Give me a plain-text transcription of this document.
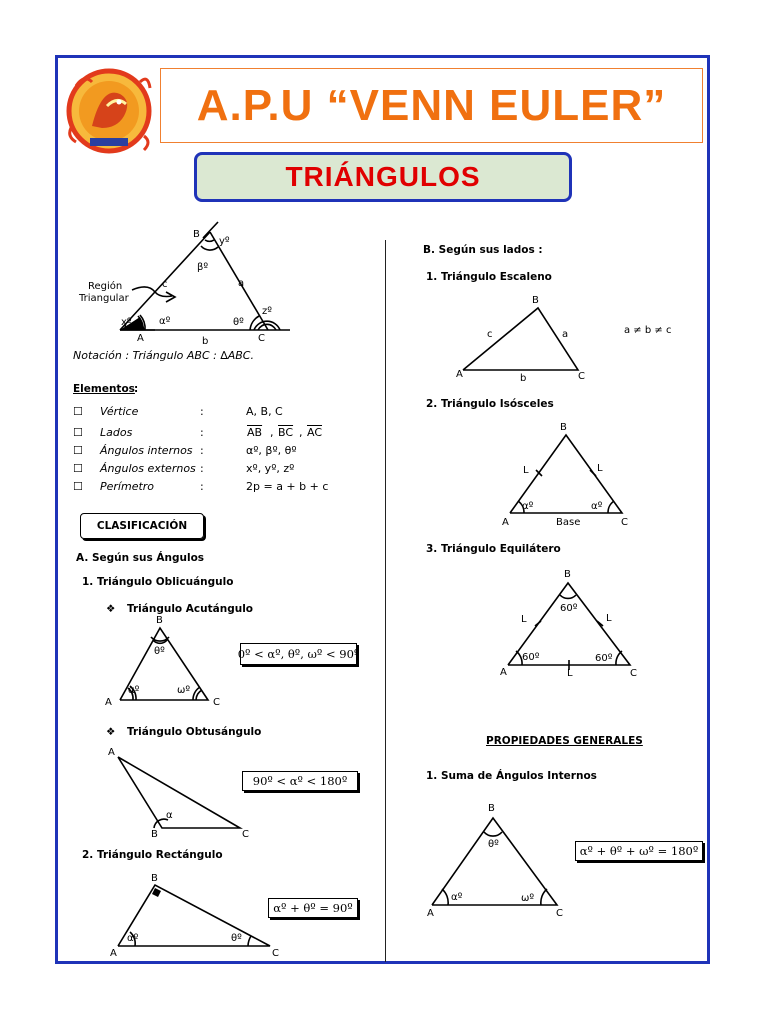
A.P.U “VENN EULER”
TRIÁNGULOS
B
yº
βº
Región
Triangular
c	a
zº
θº
xº	αº
A	b	C
Notación : Triángulo ABC : ∆ABC.
Elementos :
☐ Vértice	:	A, B, C
☐ Lados	:	$\overline{AB}$ , $\overline{BC}$ , $\overline{AC}$
☐ Ángulos internos :	αº, βº, θº
☐ Ángulos externos :	xº, yº, zº
☐ Perímetro	:	2p = a + b + c
CLASIFICACIÓN
A. Según sus Ángulos
1. Triángulo Oblicuángulo
❖ Triángulo Acutángulo
B
θº
αº	ωº
A	C
0º < αº, θº, ωº < 90º
❖ Triángulo Obtusángulo
A
α
B	C
90º < αº < 180º
2. Triángulo Rectángulo
B
αº	θº
A	C
αº + θº = 90º
B. Según sus lados :
1. Triángulo Escaleno
B
c	a
A	b	C
a ≠ b ≠ c
2. Triángulo Isósceles
B
L	L
αº	αº
A	Base	C
3. Triángulo Equilátero
B
60º
L	L
60º	60º
A	L	C
PROPIEDADES GENERALES
1. Suma de Ángulos Internos
B
θº
αº	ωº
A	C
αº + θº + ωº = 180º
